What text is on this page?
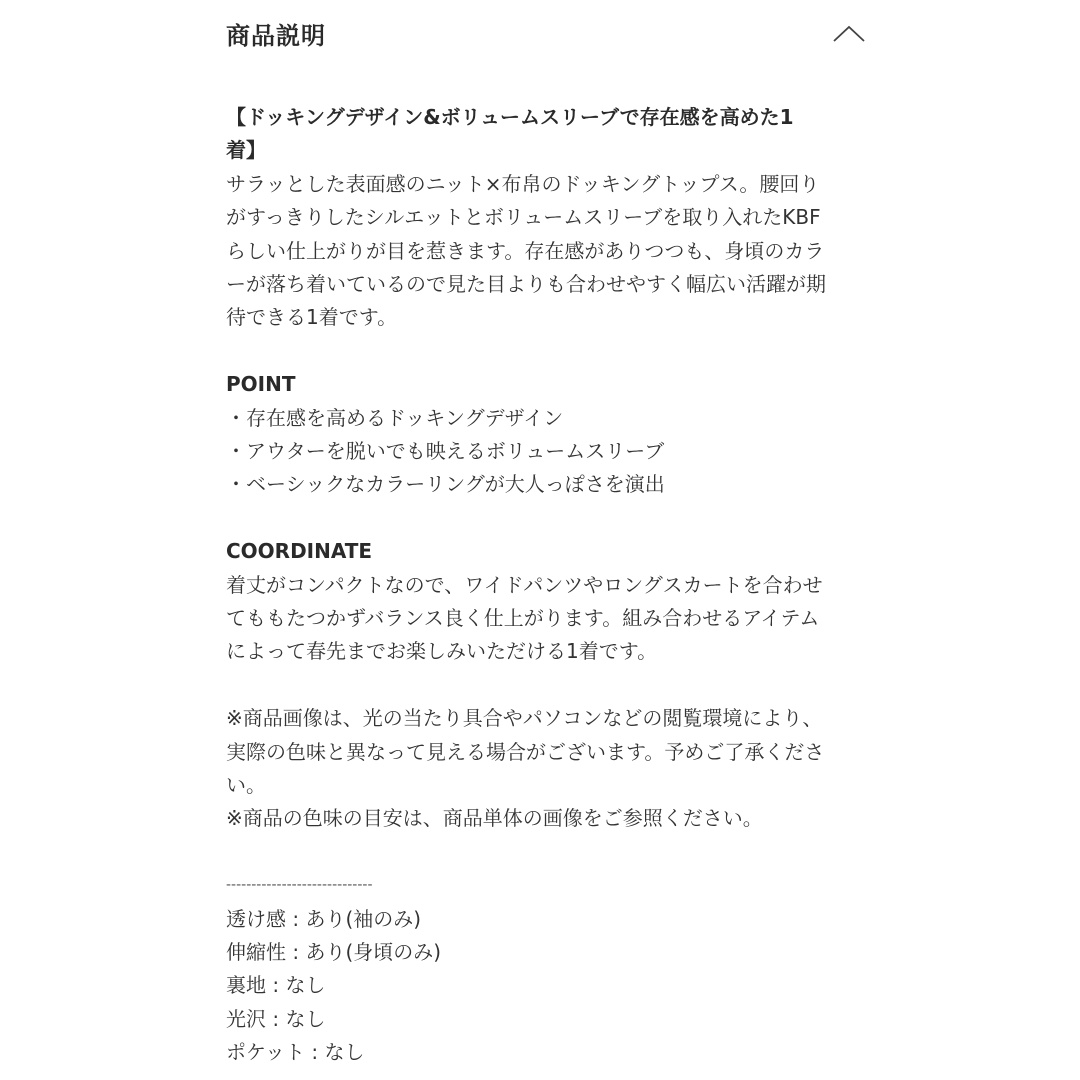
商品説明

【ドッキングデザイン&ボリュームスリーブで存在感を高めた1
着】

サラッとした表面感のニット×布帛のドッキングトップス。腰回り
がすっきりしたシルエットとボリュームスリーブを取り入れたKBF
らしい仕上がりが目を惹きます。存在感がありつつも、身頃のカラ
ーが落ち着いているので見た目よりも合わせやすく幅広い活躍が期
待できる1着です。

POINT

・存在感を高めるドッキングデザイン
・アウターを脱いでも映えるボリュームスリーブ
・ベーシックなカラーリングが大人っぽさを演出

COORDINATE

着丈がコンパクトなので、ワイドパンツやロングスカートを合わせ
てももたつかずバランス良く仕上がります。組み合わせるアイテム
によって春先までお楽しみいただける1着です。

※商品画像は、光の当たり具合やパソコンなどの閲覧環境により、
実際の色味と異なって見える場合がございます。予めご了承くださ
い。

※商品の色味の目安は、商品単体の画像をご参照ください。

-----------------------------

透け感 : あり(袖のみ)
伸縮性 : あり(身頃のみ)
裏地 : なし
光沢 : なし
ポケット : なし
